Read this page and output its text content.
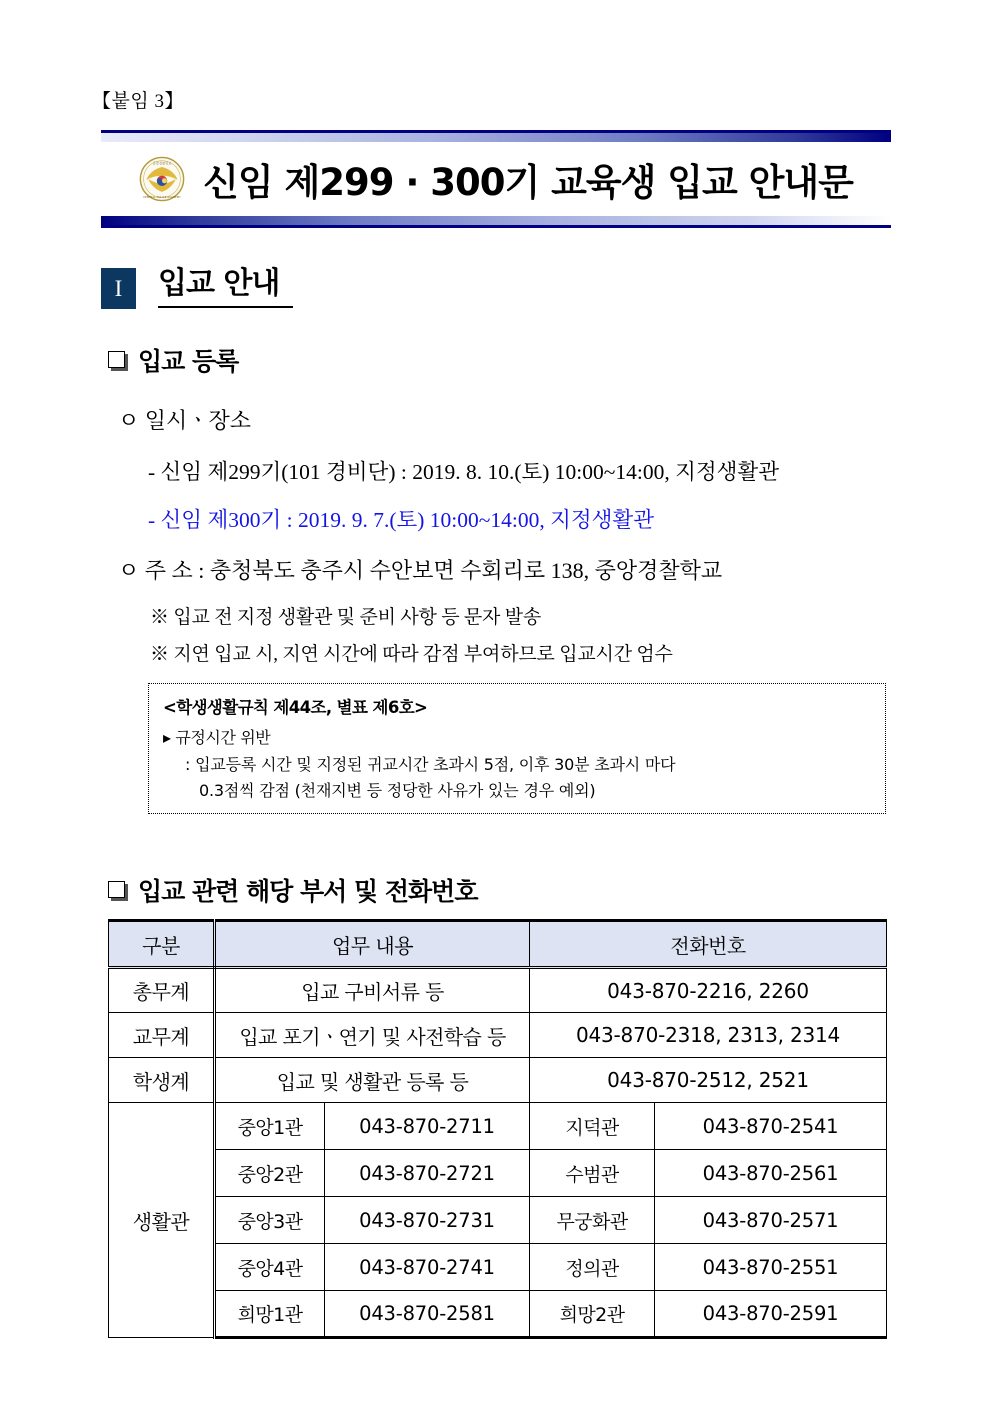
【붙임 3】
중앙경찰학교
CENTRAL POLICE ACADEMY 신임 제299 · 300기 교육생 입교 안내문
I	입교 안내
입교 등록
ㅇ 일시ㆍ장소
- 신임 제299기(101 경비단) : 2019. 8. 10.(토) 10:00~14:00, 지정생활관
- 신임 제300기 : 2019. 9. 7.(토) 10:00~14:00, 지정생활관
ㅇ 주 소 : 충청북도 충주시 수안보면 수회리로 138, 중앙경찰학교
※ 입교 전 지정 생활관 및 준비 사항 등 문자 발송
※ 지연 입교 시, 지연 시간에 따라 감점 부여하므로 입교시간 엄수
<학생생활규칙 제44조, 별표 제6호>
▸ 규정시간 위반
: 입교등록 시간 및 지정된 귀교시간 초과시 5점, 이후 30분 초과시 마다
0.3점씩 감점 (천재지변 등 정당한 사유가 있는 경우 예외)
입교 관련 해당 부서 및 전화번호
구분	업무 내용		전화번호	
총무계	입교 구비서류 등		043-870-2216, 2260	
교무계	입교 포기ㆍ연기 및 사전학습 등		043-870-2318, 2313, 2314	
학생계	입교 및 생활관 등록 등		043-870-2512, 2521	
생활관	중앙1관	043-870-2711	지덕관	043-870-2541
	중앙2관	043-870-2721	수범관	043-870-2561
	중앙3관	043-870-2731	무궁화관	043-870-2571
	중앙4관	043-870-2741	정의관	043-870-2551
	희망1관	043-870-2581	희망2관	043-870-2591
